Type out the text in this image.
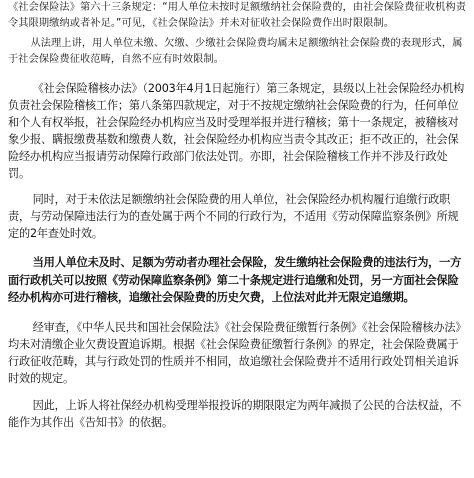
《社会保险法》第六十三条规定：“用人单位未按时足额缴纳社会保险费的，由社会保险费征收机构责令其限期缴纳或者补足。”可见，《社会保险法》并未对征收社会保险费作出时限限制。

从法理上讲，用人单位未缴、欠缴、少缴社会保险费均属未足额缴纳社会保险费的表现形式，属于社会保险费征收范畴，自然不应有时效限制。

《社会保险稽核办法》（2003年4月1日起施行）第三条规定，县级以上社会保险经办机构负责社会保险稽核工作；第八条第四款规定，对于不按规定缴纳社会保险费的行为，任何单位和个人有权举报，社会保险经办机构应当及时受理举报并进行稽核；第十一条规定，被稽核对象少报、瞒报缴费基数和缴费人数，社会保险经办机构应当责令其改正；拒不改正的，社会保险经办机构应当报请劳动保障行政部门依法处罚。亦即，社会保险稽核工作并不涉及行政处罚。

同时，对于未依法足额缴纳社会保险费的用人单位，社会保险经办机构履行追缴行政职责，与劳动保障违法行为的查处属于两个不同的行政行为，不适用《劳动保障监察条例》所规定的2年查处时效。

当用人单位未及时、足额为劳动者办理社会保险，发生缴纳社会保险费的违法行为，一方面行政机关可以按照《劳动保障监察条例》第二十条规定进行追缴和处罚，另一方面社会保险经办机构亦可进行稽核，追缴社会保险费的历史欠费，上位法对此并无限定追缴期。

经审查，《中华人民共和国社会保险法》《社会保险费征缴暂行条例》《社会保险稽核办法》均未对清缴企业欠费设置追诉期。根据《社会保险费征缴暂行条例》的界定，社会保险费属于行政征收范畴，其与行政处罚的性质并不相同，故追缴社会保险费并不适用行政处罚相关追诉时效的规定。

因此，上诉人将社保经办机构受理举报投诉的期限限定为两年减损了公民的合法权益，不能作为其作出《告知书》的依据。
